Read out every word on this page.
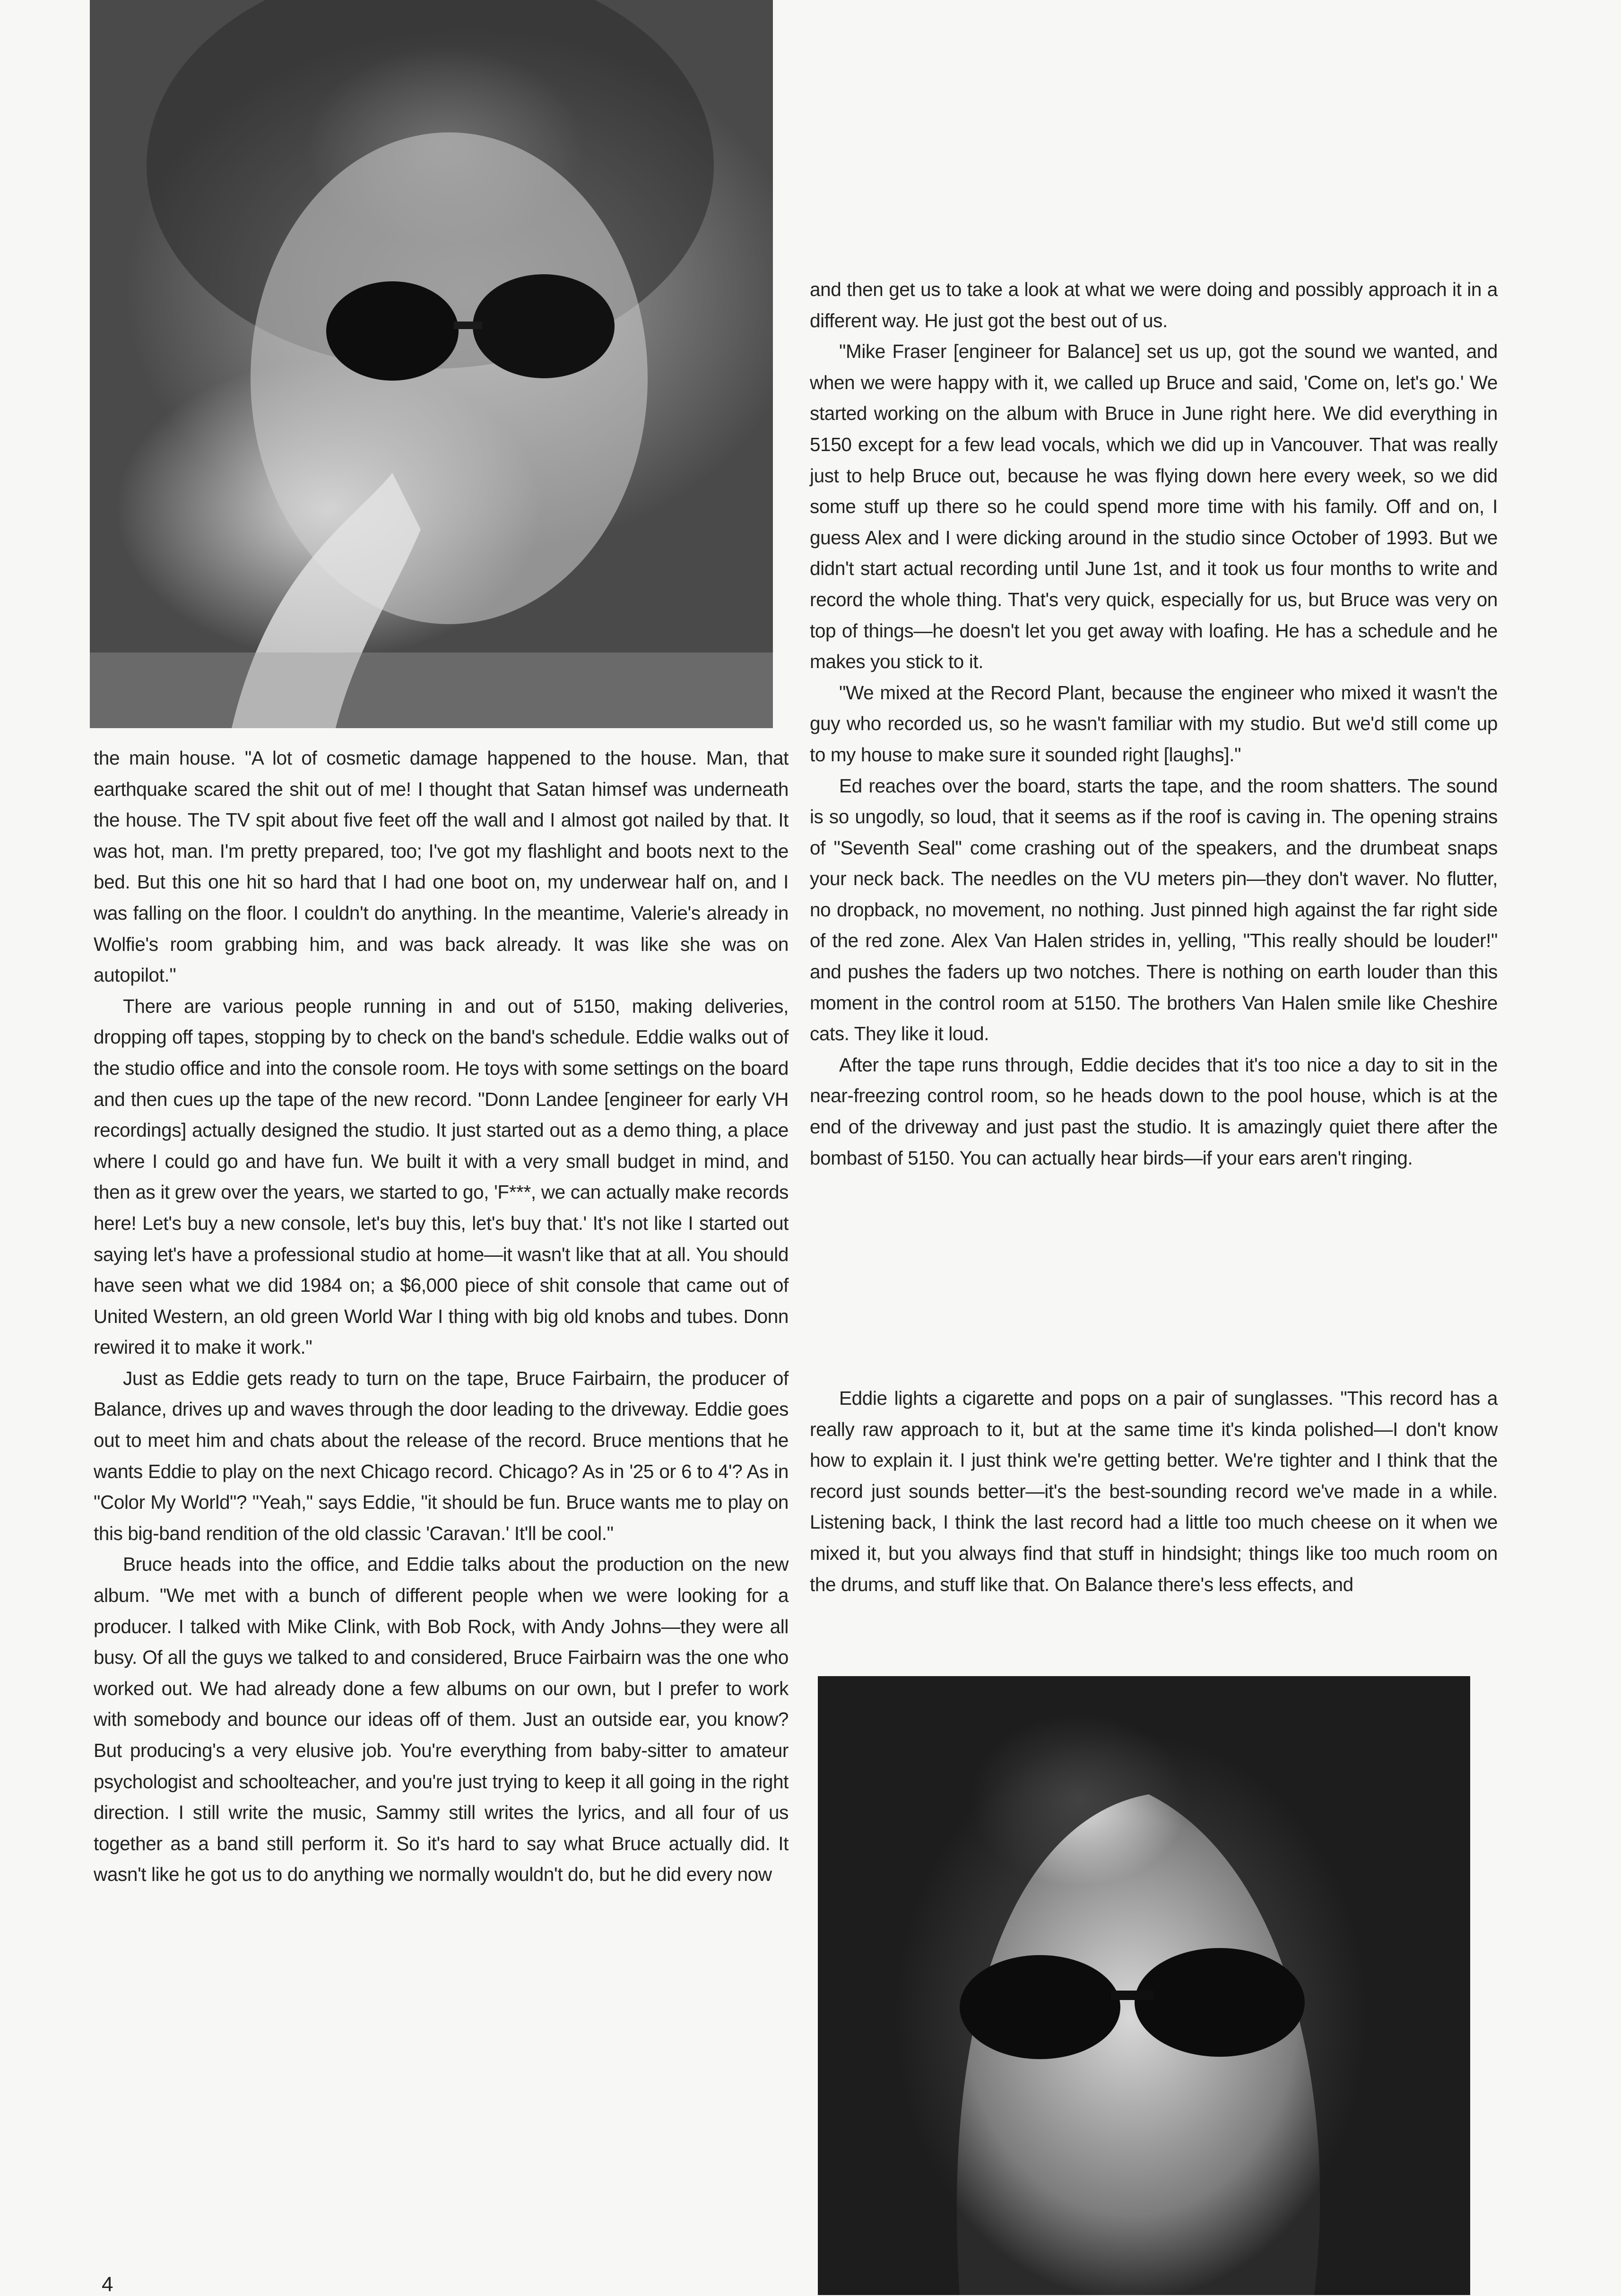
the main house. "A lot of cosmetic damage happened to the house. Man, that earthquake scared the shit out of me! I thought that Satan himsef was underneath the house. The TV spit about five feet off the wall and I almost got nailed by that. It was hot, man. I'm pretty prepared, too; I've got my flashlight and boots next to the bed. But this one hit so hard that I had one boot on, my underwear half on, and I was falling on the floor. I couldn't do anything. In the meantime, Valerie's already in Wolfie's room grabbing him, and was back already. It was like she was on autopilot."

There are various people running in and out of 5150, making deliveries, dropping off tapes, stopping by to check on the band's schedule. Eddie walks out of the studio office and into the console room. He toys with some settings on the board and then cues up the tape of the new record. "Donn Landee [engineer for early VH recordings] actually designed the studio. It just started out as a demo thing, a place where I could go and have fun. We built it with a very small budget in mind, and then as it grew over the years, we started to go, 'F***, we can actually make records here! Let's buy a new console, let's buy this, let's buy that.' It's not like I started out saying let's have a professional studio at home—it wasn't like that at all. You should have seen what we did 1984 on; a $6,000 piece of shit console that came out of United Western, an old green World War I thing with big old knobs and tubes. Donn rewired it to make it work."

Just as Eddie gets ready to turn on the tape, Bruce Fairbairn, the producer of Balance, drives up and waves through the door leading to the driveway. Eddie goes out to meet him and chats about the release of the record. Bruce mentions that he wants Eddie to play on the next Chicago record. Chicago? As in '25 or 6 to 4'? As in "Color My World"? "Yeah," says Eddie, "it should be fun. Bruce wants me to play on this big-band rendition of the old classic 'Caravan.' It'll be cool."

Bruce heads into the office, and Eddie talks about the production on the new album. "We met with a bunch of different people when we were looking for a producer. I talked with Mike Clink, with Bob Rock, with Andy Johns—they were all busy. Of all the guys we talked to and considered, Bruce Fairbairn was the one who worked out. We had already done a few albums on our own, but I prefer to work with somebody and bounce our ideas off of them. Just an outside ear, you know? But producing's a very elusive job. You're everything from baby-sitter to amateur psychologist and schoolteacher, and you're just trying to keep it all going in the right direction. I still write the music, Sammy still writes the lyrics, and all four of us together as a band still perform it. So it's hard to say what Bruce actually did. It wasn't like he got us to do anything we normally wouldn't do, but he did every now

and then get us to take a look at what we were doing and possibly approach it in a different way. He just got the best out of us.

"Mike Fraser [engineer for Balance] set us up, got the sound we wanted, and when we were happy with it, we called up Bruce and said, 'Come on, let's go.' We started working on the album with Bruce in June right here. We did everything in 5150 except for a few lead vocals, which we did up in Vancouver. That was really just to help Bruce out, because he was flying down here every week, so we did some stuff up there so he could spend more time with his family. Off and on, I guess Alex and I were dicking around in the studio since October of 1993. But we didn't start actual recording until June 1st, and it took us four months to write and record the whole thing. That's very quick, especially for us, but Bruce was very on top of things—he doesn't let you get away with loafing. He has a schedule and he makes you stick to it.

"We mixed at the Record Plant, because the engineer who mixed it wasn't the guy who recorded us, so he wasn't familiar with my studio. But we'd still come up to my house to make sure it sounded right [laughs]."

Ed reaches over the board, starts the tape, and the room shatters. The sound is so ungodly, so loud, that it seems as if the roof is caving in. The opening strains of "Seventh Seal" come crashing out of the speakers, and the drumbeat snaps your neck back. The needles on the VU meters pin—they don't waver. No flutter, no dropback, no movement, no nothing. Just pinned high against the far right side of the red zone. Alex Van Halen strides in, yelling, "This really should be louder!" and pushes the faders up two notches. There is nothing on earth louder than this moment in the control room at 5150. The brothers Van Halen smile like Cheshire cats. They like it loud.

After the tape runs through, Eddie decides that it's too nice a day to sit in the near-freezing control room, so he heads down to the pool house, which is at the end of the driveway and just past the studio. It is amazingly quiet there after the bombast of 5150. You can actually hear birds—if your ears aren't ringing.

Eddie lights a cigarette and pops on a pair of sunglasses. "This record has a really raw approach to it, but at the same time it's kinda polished—I don't know how to explain it. I just think we're getting better. We're tighter and I think that the record just sounds better—it's the best-sounding record we've made in a while. Listening back, I think the last record had a little too much cheese on it when we mixed it, but you always find that stuff in hindsight; things like too much room on the drums, and stuff like that. On Balance there's less effects, and

4
